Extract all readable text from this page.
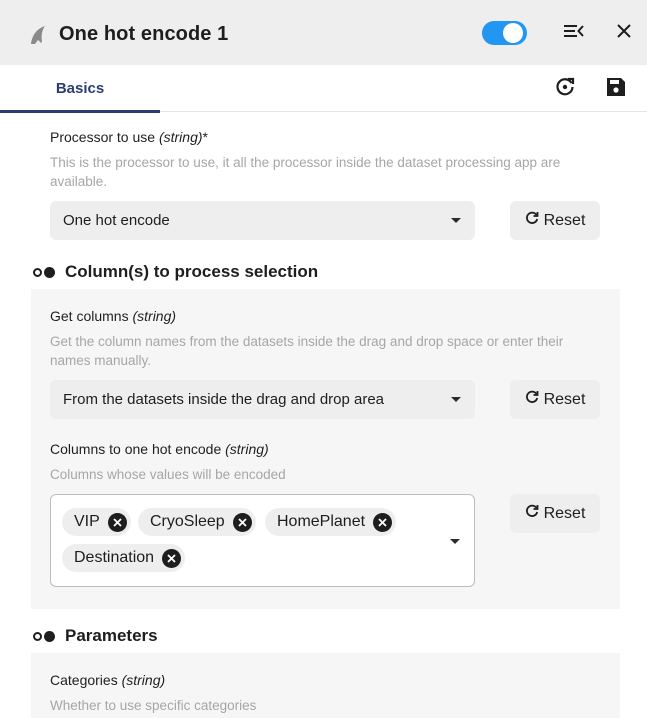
One hot encode 1
Basics
Processor to use (string)*
This is the processor to use, it all the processor inside the dataset processing app are available.
One hot encode	Reset
Column(s) to process selection
Get columns (string)
Get the column names from the datasets inside the drag and drop space or enter their names manually.
From the datasets inside the drag and drop area	Reset
Columns to one hot encode (string)
Columns whose values will be encoded
VIP	CryoSleep	HomePlanet
Destination
Reset
Parameters
Categories (string)
Whether to use specific categories
